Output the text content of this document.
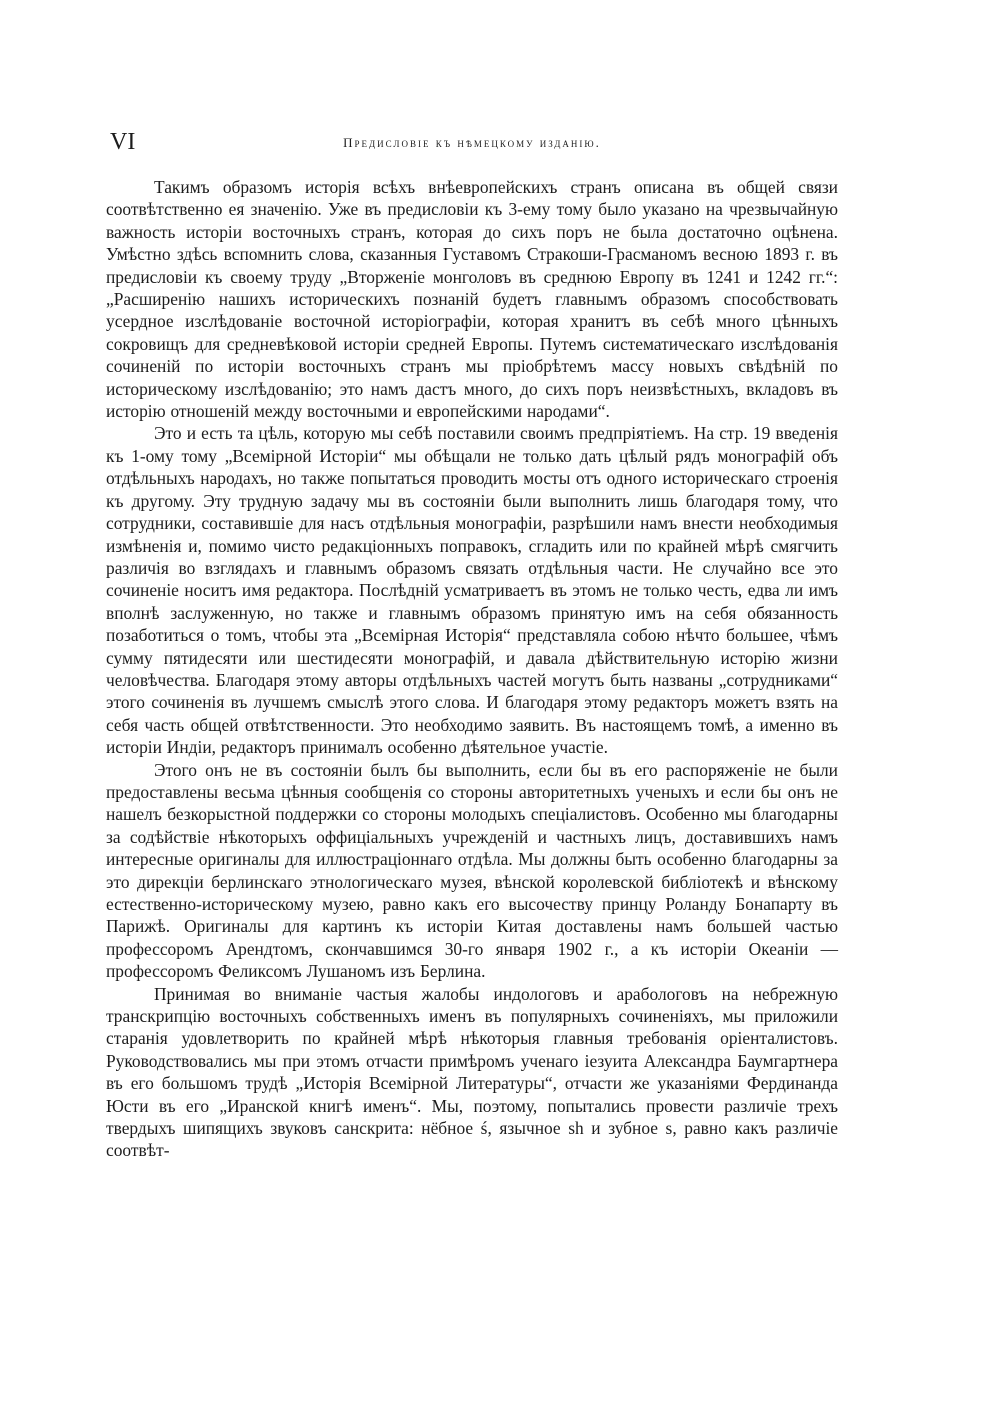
VI	Предисловіе къ нѣмецкому изданію.

Такимъ образомъ исторія всѣхъ внѣевропейскихъ странъ описана въ общей связи соотвѣтственно ея значенію. Уже въ предисловіи къ 3-ему тому было указано на чрезвычайную важность исторіи восточныхъ странъ, которая до сихъ поръ не была достаточно оцѣнена. Умѣстно здѣсь вспомнить слова, сказанныя Густавомъ Стракоши-Грасманомъ весною 1893 г. въ предисловіи къ своему труду „Вторженіе монголовъ въ среднюю Европу въ 1241 и 1242 гг.“: „Расширенію нашихъ историческихъ познаній будетъ главнымъ образомъ способствовать усердное изслѣдованіе восточной исторіографіи, которая хранитъ въ себѣ много цѣнныхъ сокровищъ для средневѣковой исторіи средней Европы. Путемъ систематическаго изслѣдованія сочиненій по исторіи восточныхъ странъ мы пріобрѣтемъ массу новыхъ свѣдѣній по историческому изслѣдованію; это намъ дастъ много, до сихъ поръ неизвѣстныхъ, вкладовъ въ исторію отношеній между восточными и европейскими народами“.

Это и есть та цѣль, которую мы себѣ поставили своимъ предпріятіемъ. На стр. 19 введенія къ 1-ому тому „Всемірной Исторіи“ мы обѣщали не только дать цѣлый рядъ монографій объ отдѣльныхъ народахъ, но также попытаться проводить мосты отъ одного историческаго строенія къ другому. Эту трудную задачу мы въ состояніи были выполнить лишь благодаря тому, что сотрудники, составившіе для насъ отдѣльныя монографіи, разрѣшили намъ внести необходимыя измѣненія и, помимо чисто редакціонныхъ поправокъ, сгладить или по крайней мѣрѣ смягчить различія во взглядахъ и главнымъ образомъ связать отдѣльныя части. Не случайно все это сочиненіе носитъ имя редактора. Послѣдній усматриваетъ въ этомъ не только честь, едва ли имъ вполнѣ заслуженную, но также и главнымъ образомъ принятую имъ на себя обязанность позаботиться о томъ, чтобы эта „Всемірная Исторія“ представляла собою нѣчто большее, чѣмъ сумму пятидесяти или шестидесяти монографій, и давала дѣйствительную исторію жизни человѣчества. Благодаря этому авторы отдѣльныхъ частей могутъ быть названы „сотрудниками“ этого сочиненія въ лучшемъ смыслѣ этого слова. И благодаря этому редакторъ можетъ взять на себя часть общей отвѣтственности. Это необходимо заявить. Въ настоящемъ томѣ, а именно въ исторіи Индіи, редакторъ принималъ особенно дѣятельное участіе.

Этого онъ не въ состояніи былъ бы выполнить, если бы въ его распоряженіе не были предоставлены весьма цѣнныя сообщенія со стороны авторитетныхъ ученыхъ и если бы онъ не нашелъ безкорыстной поддержки со стороны молодыхъ спеціалистовъ. Особенно мы благодарны за содѣйствіе нѣкоторыхъ оффиціальныхъ учрежденій и частныхъ лицъ, доставившихъ намъ интересные оригиналы для иллюстраціоннаго отдѣла. Мы должны быть особенно благодарны за это дирекціи берлинскаго этнологическаго музея, вѣнской королевской библіотекѣ и вѣнскому естественно-историческому музею, равно какъ его высочеству принцу Роланду Бонапарту въ Парижѣ. Оригиналы для картинъ къ исторіи Китая доставлены намъ большей частью профессоромъ Арендтомъ, скончавшимся 30-го января 1902 г., а къ исторіи Океаніи — профессоромъ Феликсомъ Лушаномъ изъ Берлина.

Принимая во вниманіе частыя жалобы индологовъ и арабологовъ на небрежную транскрипцію восточныхъ собственныхъ именъ въ популярныхъ сочиненіяхъ, мы приложили старанія удовлетворить по крайней мѣрѣ нѣкоторыя главныя требованія оріенталистовъ. Руководствовались мы при этомъ отчасти примѣромъ ученаго іезуита Александра Баумгартнера въ его большомъ трудѣ „Исторія Всемірной Литературы“, отчасти же указаніями Фердинанда Юсти въ его „Иранской книгѣ именъ“. Мы, поэтому, попытались провести различіе трехъ твердыхъ шипящихъ звуковъ санскрита: нёбное ś, язычное sh и зубное s, равно какъ различіе соотвѣт-
